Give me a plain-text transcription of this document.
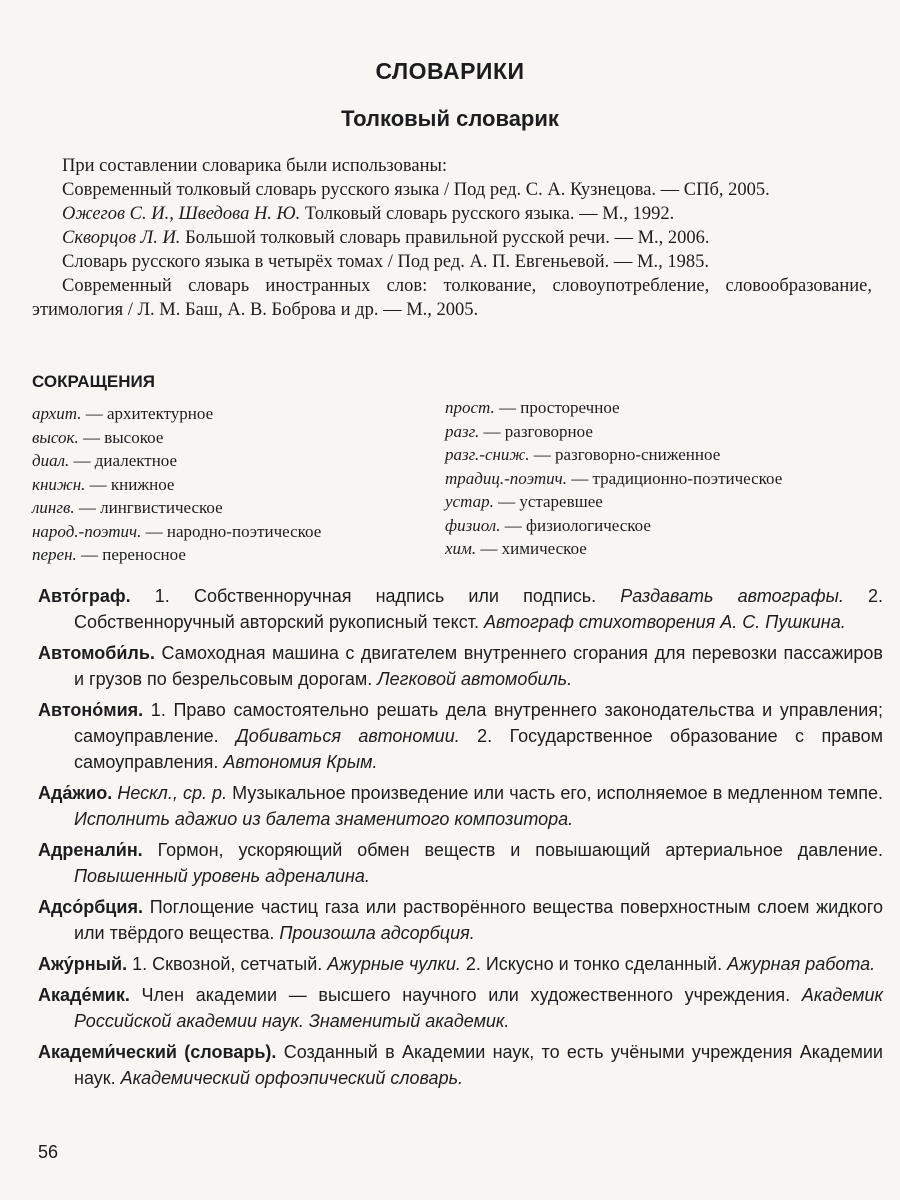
СЛОВАРИКИ
Толковый словарик

При составлении словарика были использованы:

Современный толковый словарь русского языка / Под ред. С. А. Кузнецова. — СПб, 2005.

Ожегов С. И., Шведова Н. Ю. Толковый словарь русского языка. — М., 1992.

Скворцов Л. И. Большой толковый словарь правильной русской речи. — М., 2006.

Словарь русского языка в четырёх томах / Под ред. А. П. Евгеньевой. — М., 1985.

Современный словарь иностранных слов: толкование, словоупотребление, словообразование, этимология / Л. М. Баш, А. В. Боброва и др. — М., 2005.

СОКРАЩЕНИЯ
архит. — архитектурное
высок. — высокое
диал. — диалектное
книжн. — книжное
лингв. — лингвистическое
народ.-поэтич. — народно-поэтическое
перен. — переносное
прост. — просторечное
разг. — разговорное
разг.-сниж. — разговорно-сниженное
традиц.-поэтич. — традиционно-поэтическое
устар. — устаревшее
физиол. — физиологическое
хим. — химическое

Авто́граф. 1. Собственноручная надпись или подпись. Раздавать автографы. 2. Собственноручный авторский рукописный текст. Автограф стихотворения А. С. Пушкина.

Автомоби́ль. Самоходная машина с двигателем внутреннего сгорания для перевозки пассажиров и грузов по безрельсовым дорогам. Легковой автомобиль.

Автоно́мия. 1. Право самостоятельно решать дела внутреннего законодательства и управления; самоуправление. Добиваться автономии. 2. Государственное образование с правом самоуправления. Автономия Крым.

Ада́жио. Нескл., ср. р. Музыкальное произведение или часть его, исполняемое в медленном темпе. Исполнить адажио из балета знаменитого композитора.

Адренали́н. Гормон, ускоряющий обмен веществ и повышающий артериальное давление. Повышенный уровень адреналина.

Адсо́рбция. Поглощение частиц газа или растворённого вещества поверхностным слоем жидкого или твёрдого вещества. Произошла адсорбция.

Ажу́рный. 1. Сквозной, сетчатый. Ажурные чулки. 2. Искусно и тонко сделанный. Ажурная работа.

Акаде́мик. Член академии — высшего научного или художественного учреждения. Академик Российской академии наук. Знаменитый академик.

Академи́ческий (словарь). Созданный в Академии наук, то есть учёными учреждения Академии наук. Академический орфоэпический словарь.

56
